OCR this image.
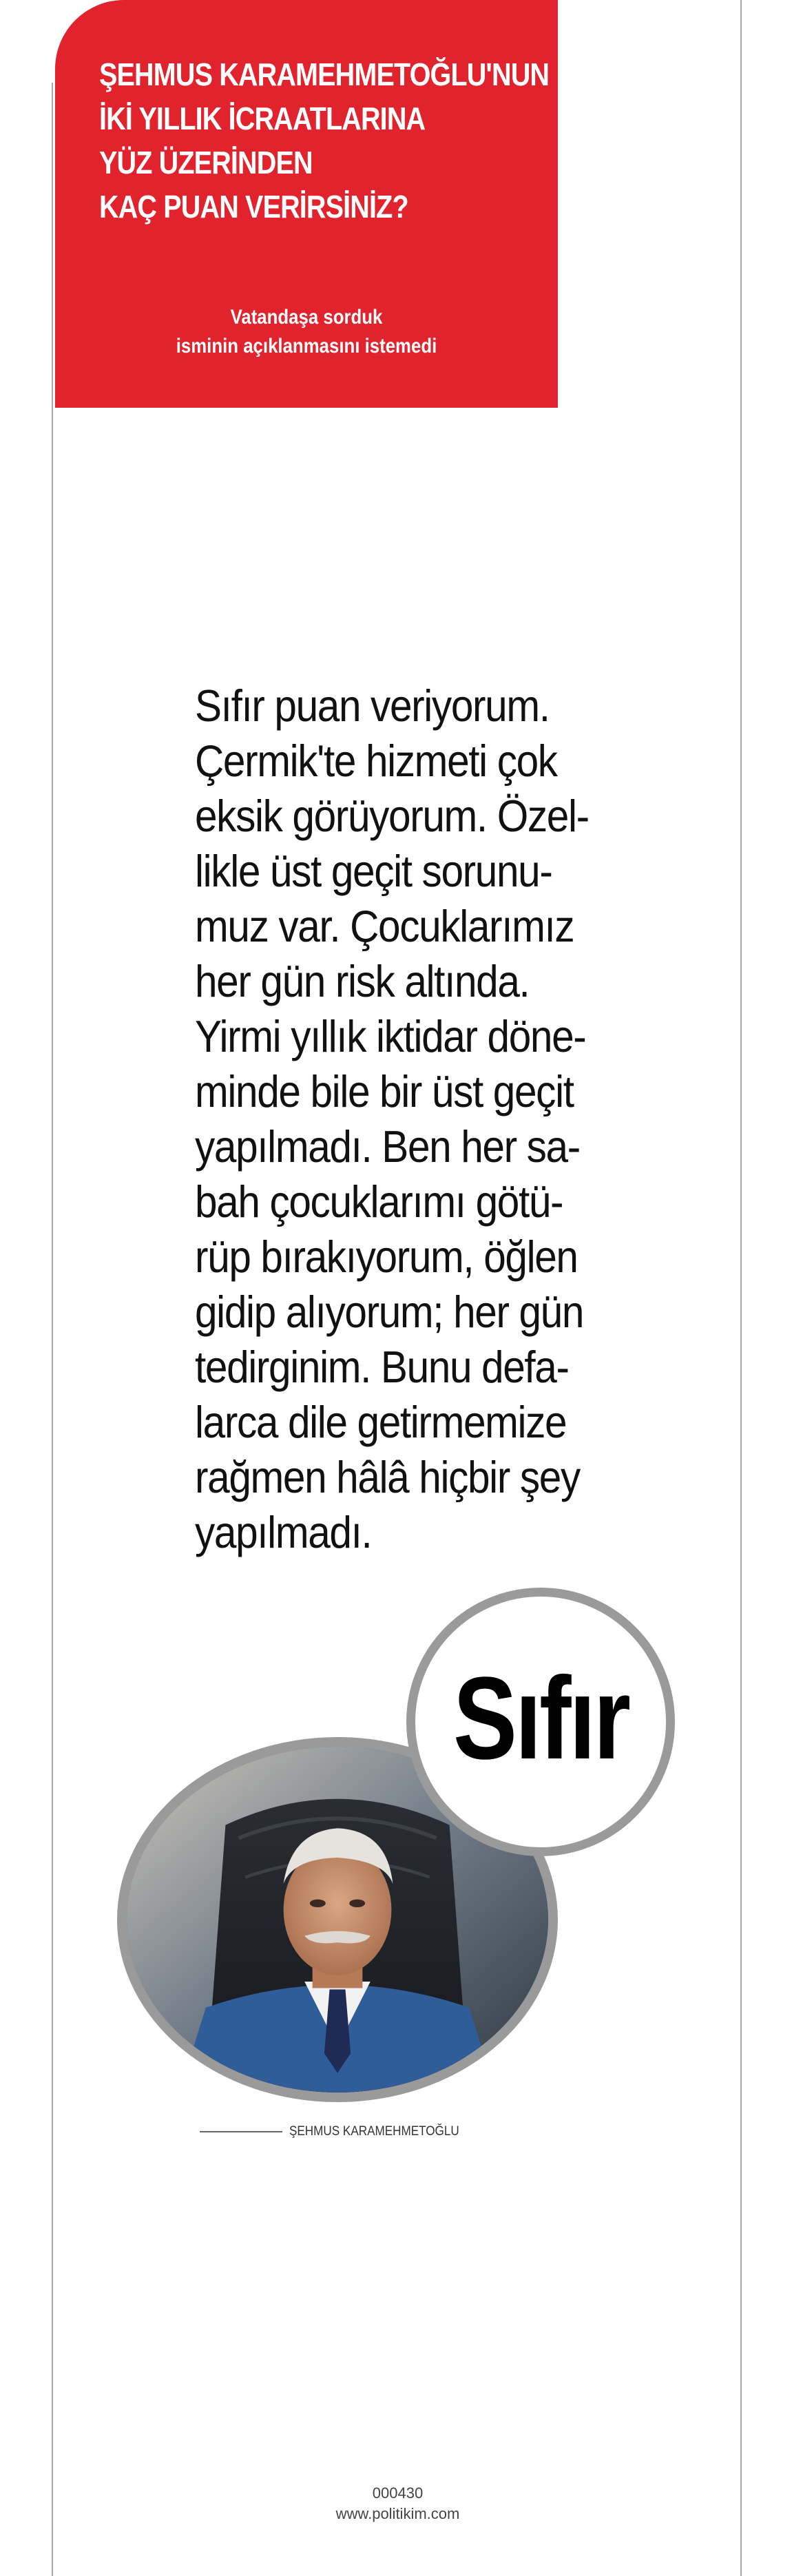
ŞEHMUS KARAMEHMETOĞLU'NUN
İKİ YILLIK İCRAATLARINA
YÜZ ÜZERİNDEN
KAÇ PUAN VERİRSİNİZ?
Vatandaşa sorduk
isminin açıklanmasını istemedi
Sıfır puan veriyorum.
Çermik'te hizmeti çok
eksik görüyorum. Özel-
likle üst geçit sorunu-
muz var. Çocuklarımız
her gün risk altında.
Yirmi yıllık iktidar döne-
minde bile bir üst geçit
yapılmadı. Ben her sa-
bah çocuklarımı götü-
rüp bırakıyorum, öğlen
gidip alıyorum; her gün
tedirginim. Bunu defa-
larca dile getirmemize
rağmen hâlâ hiçbir şey
yapılmadı.
Sıfır
ŞEHMUS KARAMEHMETOĞLU
000430
www.politikim.com
